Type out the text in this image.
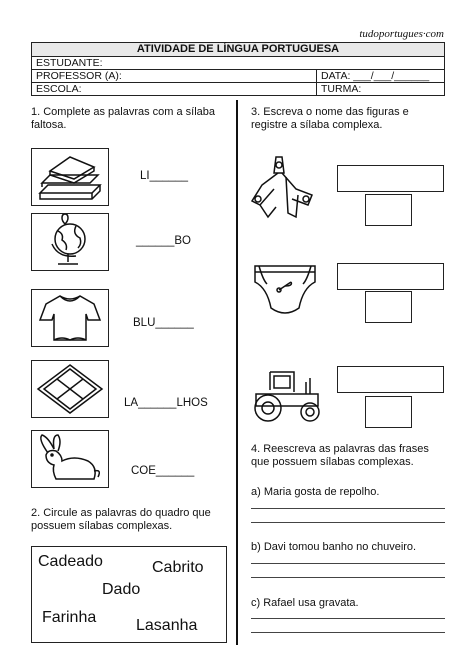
tudoportugues·com
ATIVIDADE DE LÍNGUA PORTUGUESA
ESTUDANTE:
PROFESSOR (A):	DATA: ___/___/______
ESCOLA:	TURMA:
1. Complete as palavras com a sílaba faltosa.
LI______
______BO
BLU______
LA______LHOS
COE______
2. Circule as palavras do quadro que possuem sílabas complexas.
Cadeado	Cabrito
Dado
Farinha Lasanha
3. Escreva o nome das figuras e registre a sílaba complexa.
4. Reescreva as palavras das frases que possuem sílabas complexas.
a) Maria gosta de repolho.
b) Davi tomou banho no chuveiro.
c) Rafael usa gravata.
